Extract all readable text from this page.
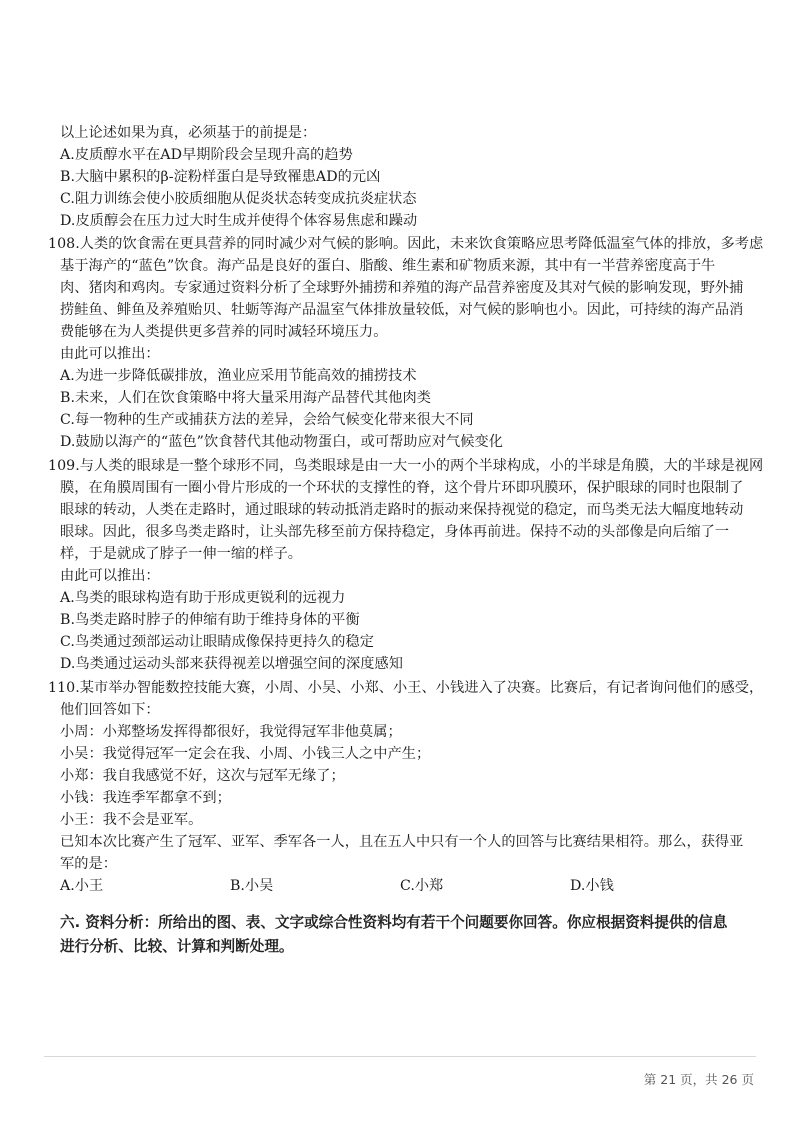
以上论述如果为真，必须基于的前提是：
A.皮质醇水平在AD早期阶段会呈现升高的趋势
B.大脑中累积的β-淀粉样蛋白是导致罹患AD的元凶
C.阻力训练会使小胶质细胞从促炎状态转变成抗炎症状态
D.皮质醇会在压力过大时生成并使得个体容易焦虑和躁动
108.人类的饮食需在更具营养的同时减少对气候的影响。因此，未来饮食策略应思考降低温室气体的排放，多考虑
基于海产的“蓝色”饮食。海产品是良好的蛋白、脂酸、维生素和矿物质来源，其中有一半营养密度高于牛
肉、猪肉和鸡肉。专家通过资料分析了全球野外捕捞和养殖的海产品营养密度及其对气候的影响发现，野外捕
捞鲑鱼、鲱鱼及养殖贻贝、牡蛎等海产品温室气体排放量较低，对气候的影响也小。因此，可持续的海产品消
费能够在为人类提供更多营养的同时减轻环境压力。
由此可以推出：
A.为进一步降低碳排放，渔业应采用节能高效的捕捞技术
B.未来，人们在饮食策略中将大量采用海产品替代其他肉类
C.每一物种的生产或捕获方法的差异，会给气候变化带来很大不同
D.鼓励以海产的“蓝色”饮食替代其他动物蛋白，或可帮助应对气候变化
109.与人类的眼球是一整个球形不同，鸟类眼球是由一大一小的两个半球构成，小的半球是角膜，大的半球是视网
膜，在角膜周围有一圈小骨片形成的一个环状的支撑性的脊，这个骨片环即巩膜环，保护眼球的同时也限制了
眼球的转动，人类在走路时，通过眼球的转动抵消走路时的振动来保持视觉的稳定，而鸟类无法大幅度地转动
眼球。因此，很多鸟类走路时，让头部先移至前方保持稳定，身体再前进。保持不动的头部像是向后缩了一
样，于是就成了脖子一伸一缩的样子。
由此可以推出：
A.鸟类的眼球构造有助于形成更锐利的远视力
B.鸟类走路时脖子的伸缩有助于维持身体的平衡
C.鸟类通过颈部运动让眼睛成像保持更持久的稳定
D.鸟类通过运动头部来获得视差以增强空间的深度感知
110.某市举办智能数控技能大赛，小周、小吴、小郑、小王、小钱进入了决赛。比赛后，有记者询问他们的感受，
他们回答如下：
小周：小郑整场发挥得都很好，我觉得冠军非他莫属；
小吴：我觉得冠军一定会在我、小周、小钱三人之中产生；
小郑：我自我感觉不好，这次与冠军无缘了；
小钱：我连季军都拿不到；
小王：我不会是亚军。
已知本次比赛产生了冠军、亚军、季军各一人，且在五人中只有一个人的回答与比赛结果相符。那么，获得亚
军的是：
A.小王	B.小吴	C.小郑	D.小钱
六. 资料分析：所给出的图、表、文字或综合性资料均有若干个问题要你回答。你应根据资料提供的信息
进行分析、比较、计算和判断处理。
第 21 页，共 26 页
